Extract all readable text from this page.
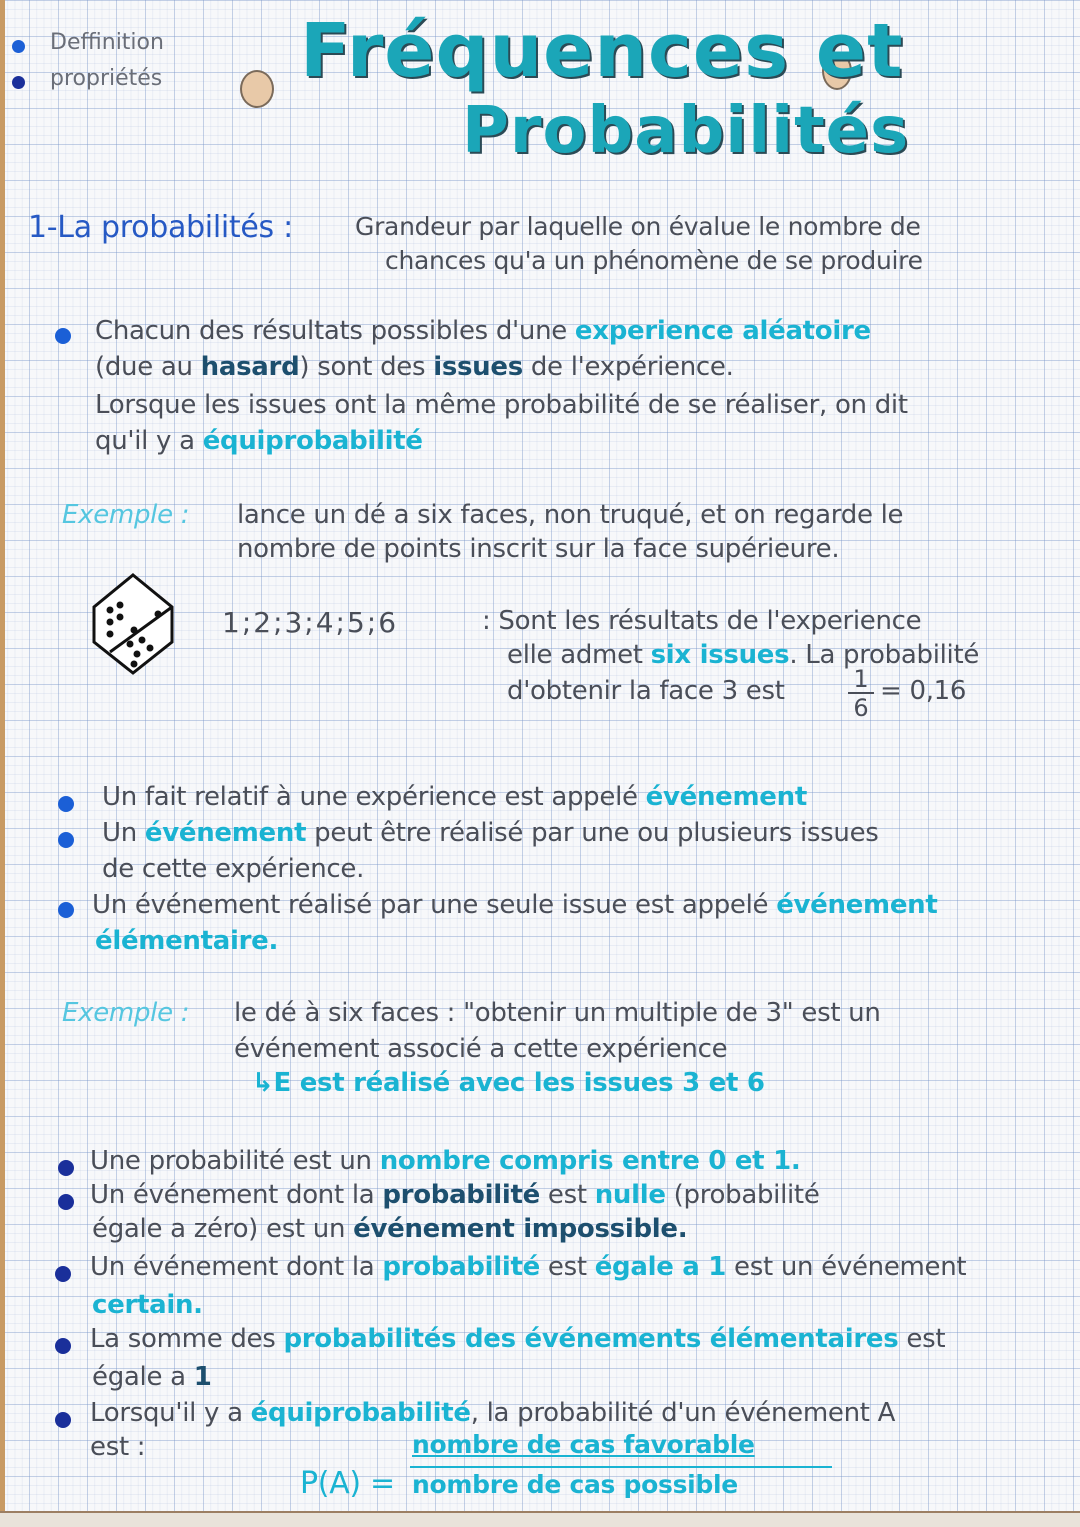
Deffinition
propriétés Fréquences et
Probabilités
1-La probabilités : Grandeur par laquelle on évalue le nombre de
chances qu'a un phénomène de se produire
Chacun des résultats possibles d'une experience aléatoire
(due au hasard) sont des issues de l'expérience.
Lorsque les issues ont la même probabilité de se réaliser, on dit
qu'il y a équiprobabilité
Exemple : lance un dé a six faces, non truqué, et on regarde le
nombre de points inscrit sur la face supérieure.
1;2;3;4;5;6	: Sont les résultats de l'experience
elle admet six issues. La probabilité
d'obtenir la face 3 est	$\frac{1}{6} = 0,16$
Un fait relatif à une expérience est appelé événement
Un événement peut être réalisé par une ou plusieurs issues
de cette expérience.
Un événement réalisé par une seule issue est appelé événement
élémentaire.
Exemple : le dé à six faces : "obtenir un multiple de 3" est un
événement associé a cette expérience
↳E est réalisé avec les issues 3 et 6
Une probabilité est un nombre compris entre 0 et 1.
Un événement dont la probabilité est nulle (probabilité
égale a zéro) est un événement impossible.
Un événement dont la probabilité est égale a 1 est un événement
certain.
La somme des probabilités des événements élémentaires est
égale a 1
Lorsqu'il y a équiprobabilité, la probabilité d'un événement A
est :	nombre de cas favorable
P(A) = nombre de cas possible
